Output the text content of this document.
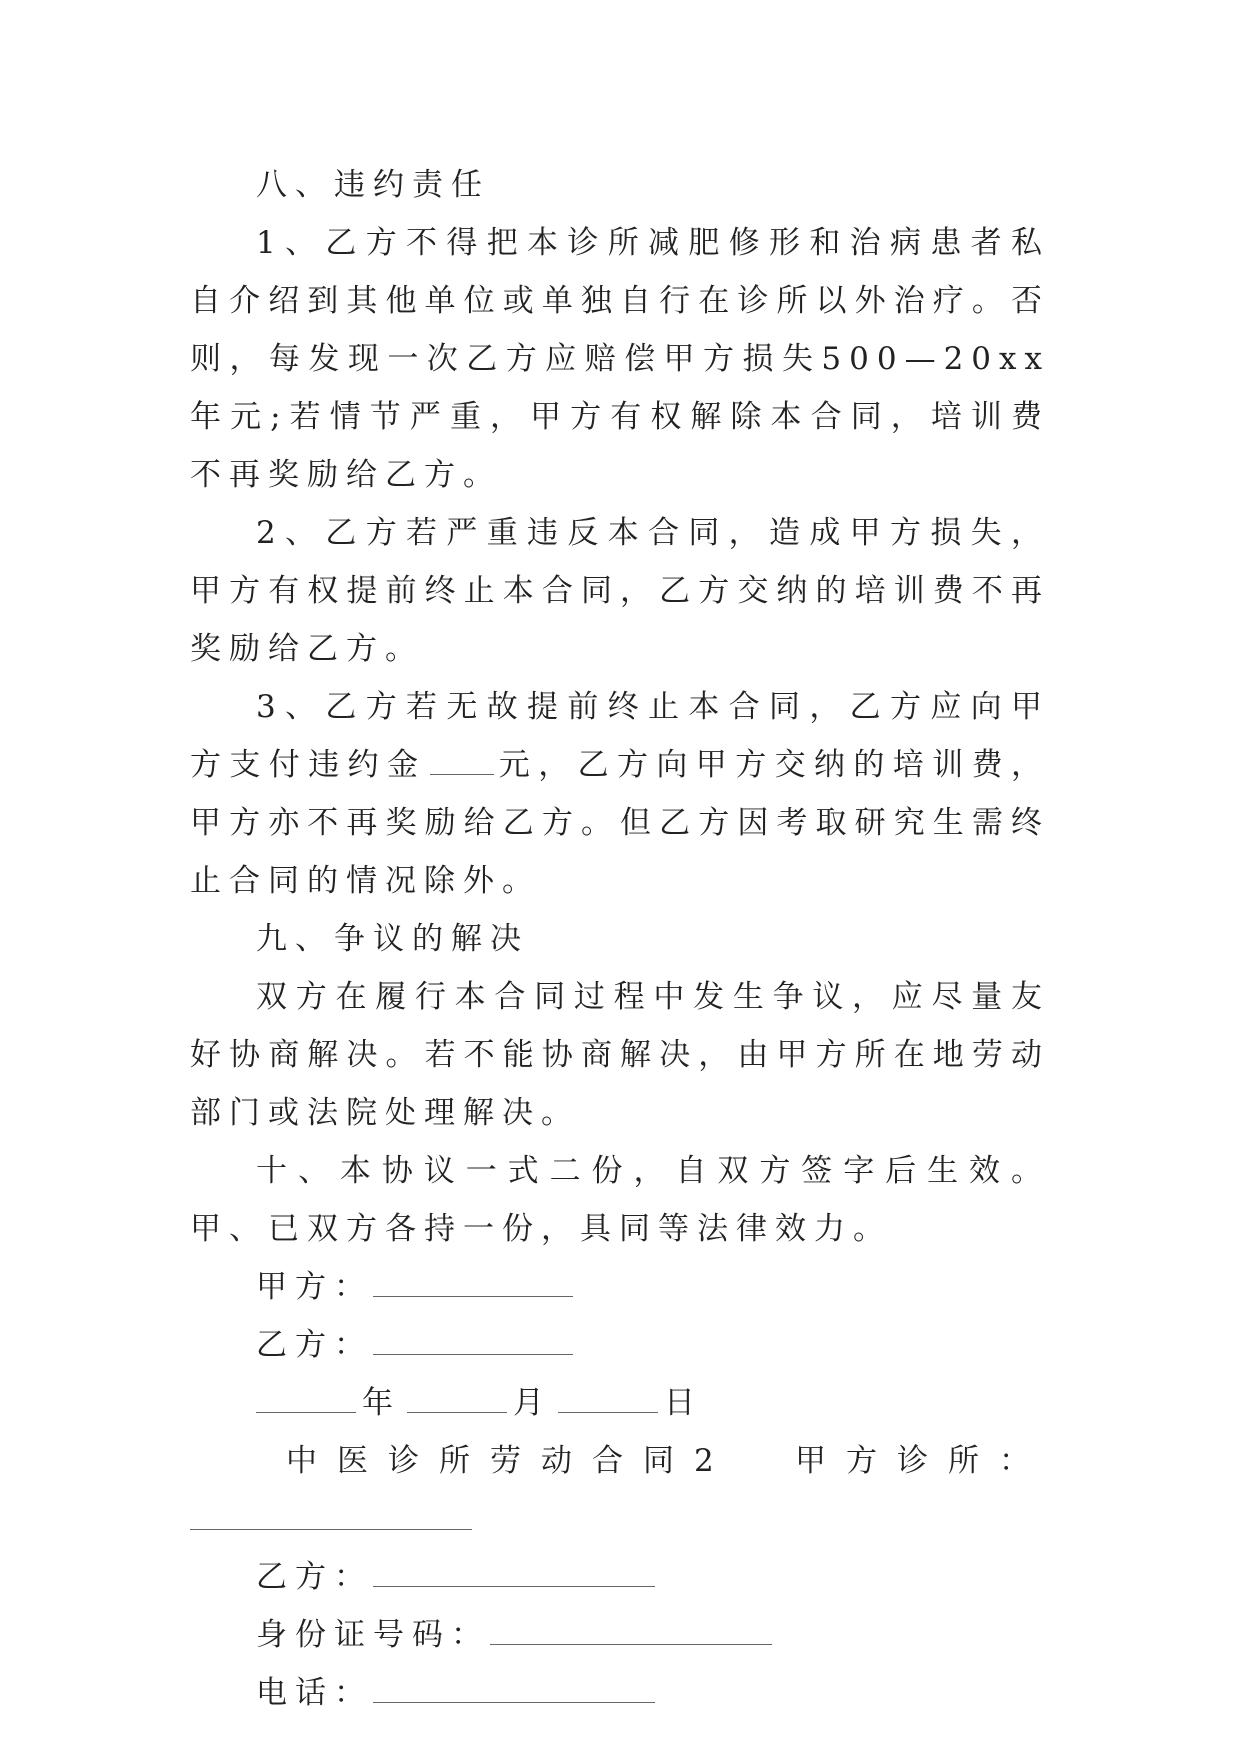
八、违约责任

1、乙方不得把本诊所减肥修形和治病患者私自介绍到其他单位或单独自行在诊所以外治疗。否则，每发现一次乙方应赔偿甲方损失500—20xx年元;若情节严重，甲方有权解除本合同，培训费不再奖励给乙方。

2、乙方若严重违反本合同，造成甲方损失，甲方有权提前终止本合同，乙方交纳的培训费不再奖励给乙方。

3、乙方若无故提前终止本合同，乙方应向甲方支付违约金 元，乙方向甲方交纳的培训费，甲方亦不再奖励给乙方。但乙方因考取研究生需终止合同的情况除外。

九、争议的解决

双方在履行本合同过程中发生争议，应尽量友好协商解决。若不能协商解决，由甲方所在地劳动部门或法院处理解决。

十、本协议一式二份，自双方签字后生效。甲、已双方各持一份，具同等法律效力。

甲方：

乙方：

年	月	日

中医诊所劳动合同2 甲方诊所：

乙方：

身份证号码：

电话：
